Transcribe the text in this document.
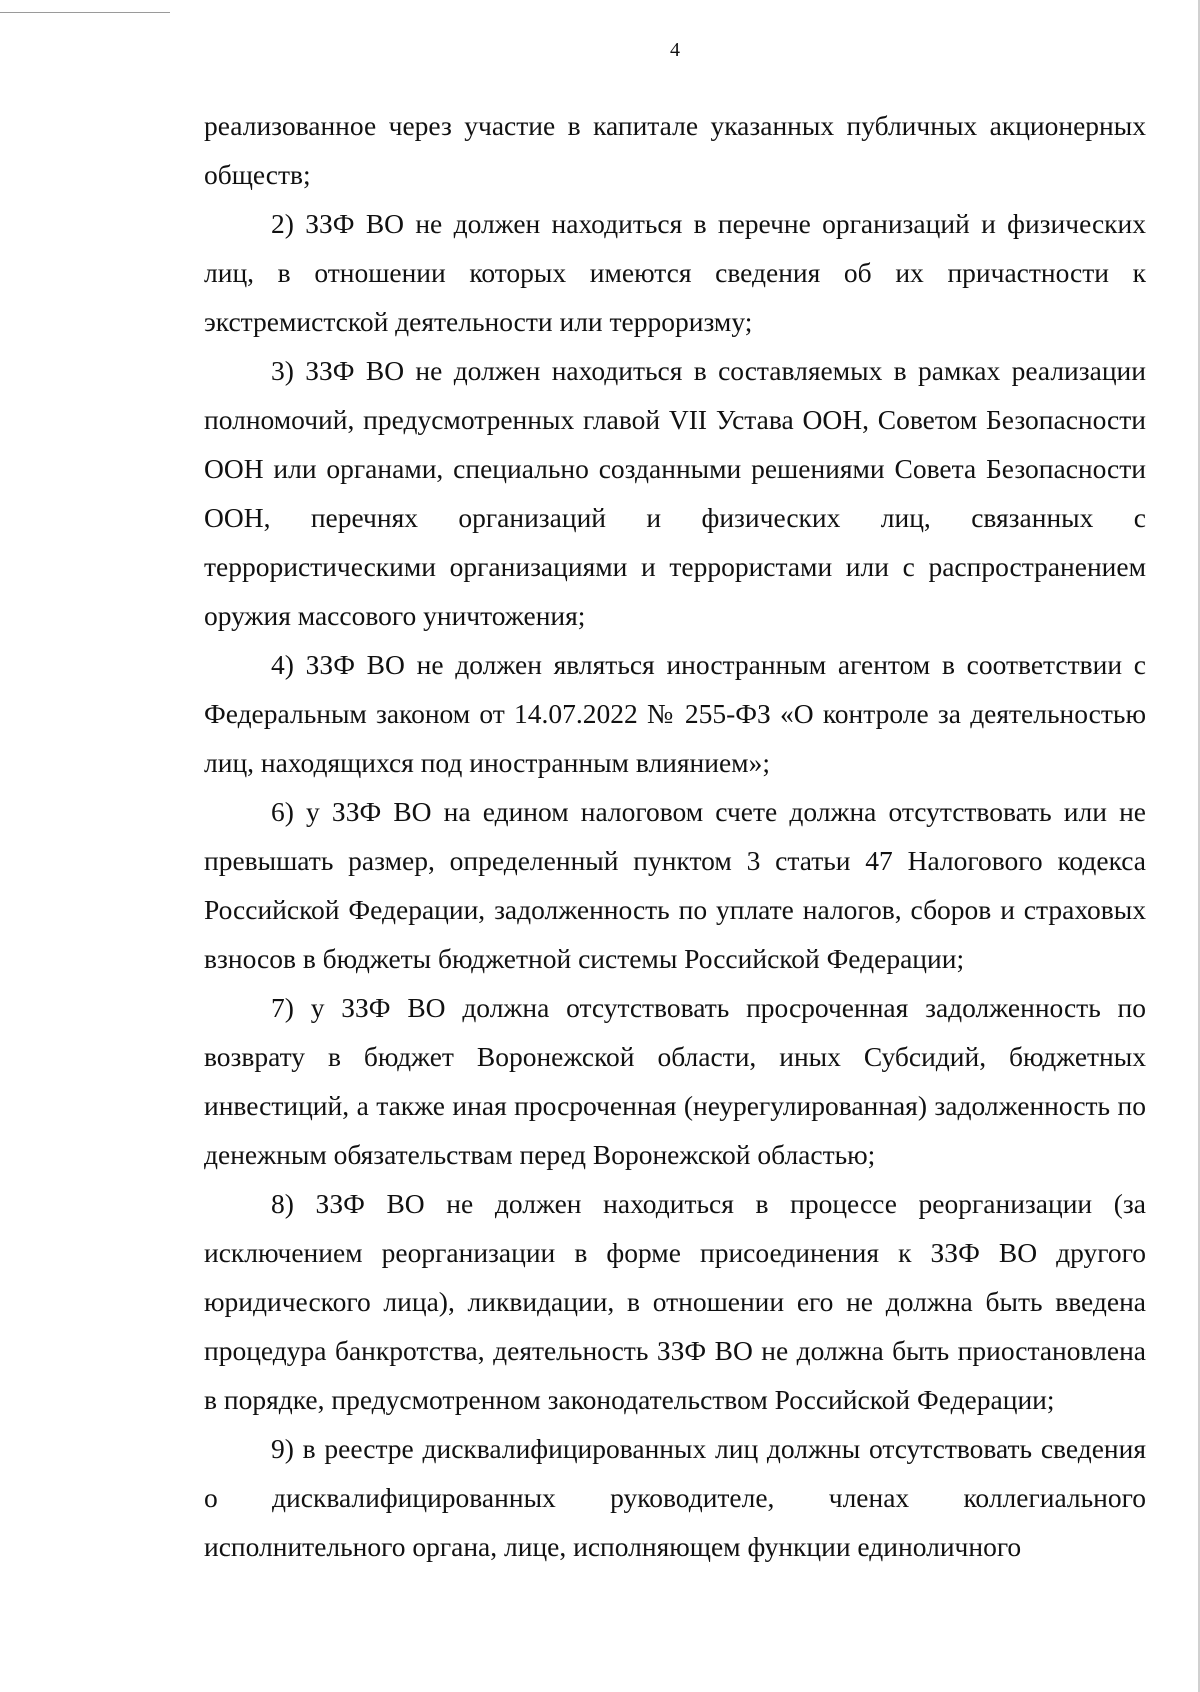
4

реализованное через участие в капитале указанных публичных акционерных обществ;

2) ЗЗФ ВО не должен находиться в перечне организаций и физических лиц, в отношении которых имеются сведения об их причастности к экстремистской деятельности или терроризму;

3) ЗЗФ ВО не должен находиться в составляемых в рамках реализации полномочий, предусмотренных главой VII Устава ООН, Советом Безопасности ООН или органами, специально созданными решениями Совета Безопасности ООН, перечнях организаций и физических лиц, связанных с террористическими организациями и террористами или с распространением оружия массового уничтожения;

4) ЗЗФ ВО не должен являться иностранным агентом в соответствии с Федеральным законом от 14.07.2022 № 255-ФЗ «О контроле за деятельностью лиц, находящихся под иностранным влиянием»;

6) у ЗЗФ ВО на едином налоговом счете должна отсутствовать или не превышать размер, определенный пунктом 3 статьи 47 Налогового кодекса Российской Федерации, задолженность по уплате налогов, сборов и страховых взносов в бюджеты бюджетной системы Российской Федерации;

7) у ЗЗФ ВО должна отсутствовать просроченная задолженность по возврату в бюджет Воронежской области, иных Субсидий, бюджетных инвестиций, а также иная просроченная (неурегулированная) задолженность по денежным обязательствам перед Воронежской областью;

8) ЗЗФ ВО не должен находиться в процессе реорганизации (за исключением реорганизации в форме присоединения к ЗЗФ ВО другого юридического лица), ликвидации, в отношении его не должна быть введена процедура банкротства, деятельность ЗЗФ ВО не должна быть приостановлена в порядке, предусмотренном законодательством Российской Федерации;

9) в реестре дисквалифицированных лиц должны отсутствовать сведения о дисквалифицированных руководителе, членах коллегиального исполнительного органа, лице, исполняющем функции единоличного
